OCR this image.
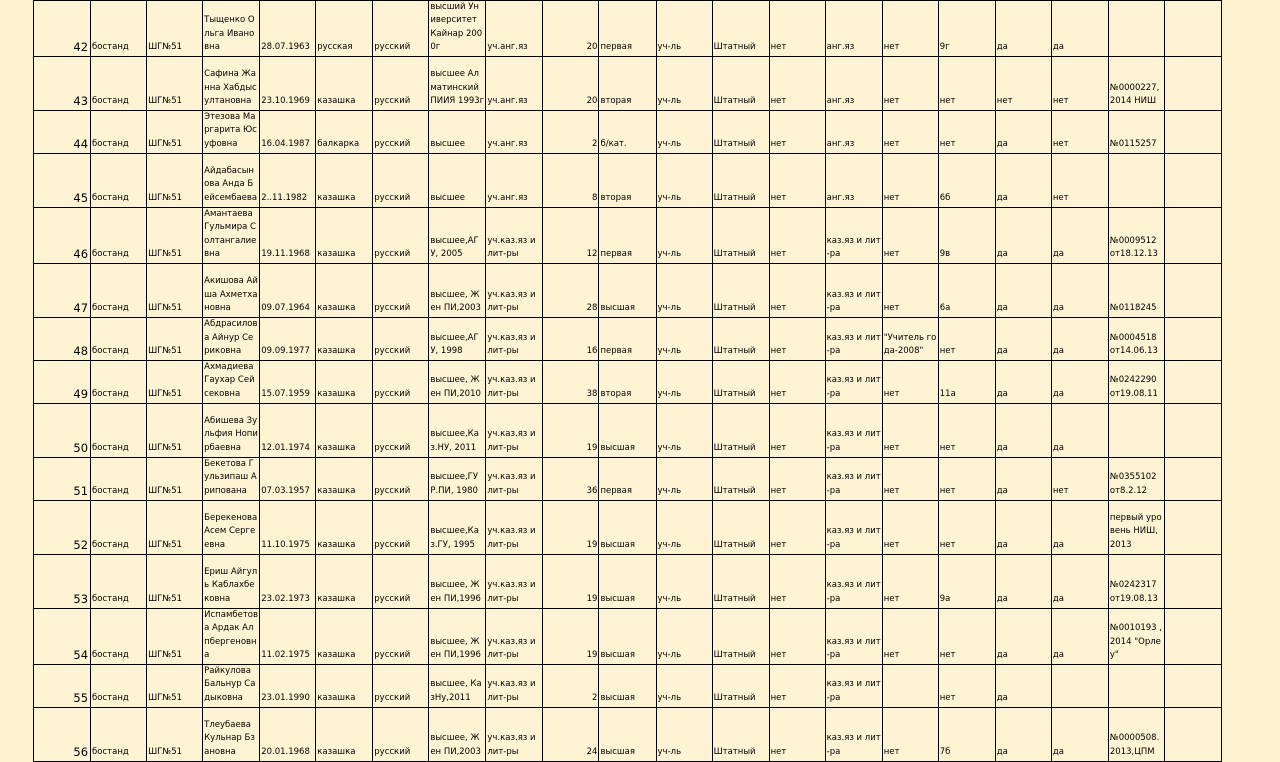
42	бостанд	ШГ№51	Тыщенко Ольга Ивановна	28.07.1963	русская	русский	высший Университет Кайнар 2000г	уч.анг.яз	20	первая	уч-ль	Штатный	нет	анг.яз	нет	9г	да	да		
43	бостанд	ШГ№51	Сафина Жанна Хабдысултановна	23.10.1969	казашка	русский	высшее Алматинский ПИИЯ 1993г	уч.анг.яз	20	вторая	уч-ль	Штатный	нет	анг.яз	нет	нет	нет	нет	№0000227, 2014 НИШ	
44	бостанд	ШГ№51	Этезова Маргарита Юсуфовна	16.04.1987	балкарка	русский	высшее	уч.анг.яз	2	б/кат.	уч-ль	Штатный	нет	анг.яз	нет	нет	да	нет	№0115257	
45	бостанд	ШГ№51	Айдабасынова Анда Бейсембаева	2..11.1982	казашка	русский	высшее	уч.анг.яз	8	вторая	уч-ль	Штатный	нет	анг.яз	нет	6б	да	нет		
46	бостанд	ШГ№51	Амантаева Гульмира Солтангалиевна	19.11.1968	казашка	русский	высшее,АГУ, 2005	уч.каз.яз и лит-ры	12	первая	уч-ль	Штатный	нет	каз.яз и лит-ра	нет	9в	да	да	№0009512 от18.12.13	
47	бостанд	ШГ№51	Акишова Айша Ахметхановна	09.07.1964	казашка	русский	высшее, Жен ПИ,2003	уч.каз.яз и лит-ры	28	высшая	уч-ль	Штатный	нет	каз.яз и лит-ра	нет	6а	да	да	№0118245	
48	бостанд	ШГ№51	Абдрасилова Айнур Сериковна	09.09.1977	казашка	русский	высшее,АГУ, 1998	уч.каз.яз и лит-ры	16	первая	уч-ль	Штатный	нет	каз.яз и лит-ра	"Учитель года-2008"	нет	да	да	№0004518 от14.06.13	
49	бостанд	ШГ№51	Ахмадиева Гаухар Сейсековна	15.07.1959	казашка	русский	высшее, Жен ПИ,2010	уч.каз.яз и лит-ры	38	вторая	уч-ль	Штатный	нет	каз.яз и лит-ра	нет	11а	да	да	№0242290 от19.08.11	
50	бостанд	ШГ№51	Абишева Зульфия Нопирбаевна	12.01.1974	казашка	русский	высшее,Каз.НУ, 2011	уч.каз.яз и лит-ры	19	высшая	уч-ль	Штатный	нет	каз.яз и лит-ра	нет	нет	да	да		
51	бостанд	ШГ№51	Бекетова Гульзипаш Арипована	07.03.1957	казашка	русский	высшее,ГУР.ПИ, 1980	уч.каз.яз и лит-ры	36	первая	уч-ль	Штатный	нет	каз.яз и лит-ра	нет	нет	да	нет	№0355102 от8.2.12	
52	бостанд	ШГ№51	Берекенова Асем Сергеевна	11.10.1975	казашка	русский	высшее,Каз.ГУ, 1995	уч.каз.яз и лит-ры	19	высшая	уч-ль	Штатный	нет	каз.яз и лит-ра	нет	нет	да	да	первый уровень НИШ, 2013	
53	бостанд	ШГ№51	Ериш Айгуль Каблахбековна	23.02.1973	казашка	русский	высшее, Жен ПИ,1996	уч.каз.яз и лит-ры	19	высшая	уч-ль	Штатный	нет	каз.яз и лит-ра	нет	9а	да	да	№0242317 от19.08.13	
54	бостанд	ШГ№51	Испамбетова Ардак Алпбергеновна	11.02.1975	казашка	русский	высшее, Жен ПИ,1996	уч.каз.яз и лит-ры	19	высшая	уч-ль	Штатный	нет	каз.яз и лит-ра	нет	нет	да	да	№0010193 ,2014 "Орлеу"	
55	бостанд	ШГ№51	Райкулова Бальнур Садыковна	23.01.1990	казашка	русский	высшее, КазНу,2011	уч.каз.яз и лит-ры	2	высшая	уч-ль	Штатный	нет	каз.яз и лит-ра		нет	да			
56	бостанд	ШГ№51	Тлеубаева Кульнар Бзановна	20.01.1968	казашка	русский	высшее, Жен ПИ,2003	уч.каз.яз и лит-ры	24	высшая	уч-ль	Штатный	нет	каз.яз и лит-ра	нет	7б	да	да	№0000508. 2013,ЦПМ	
